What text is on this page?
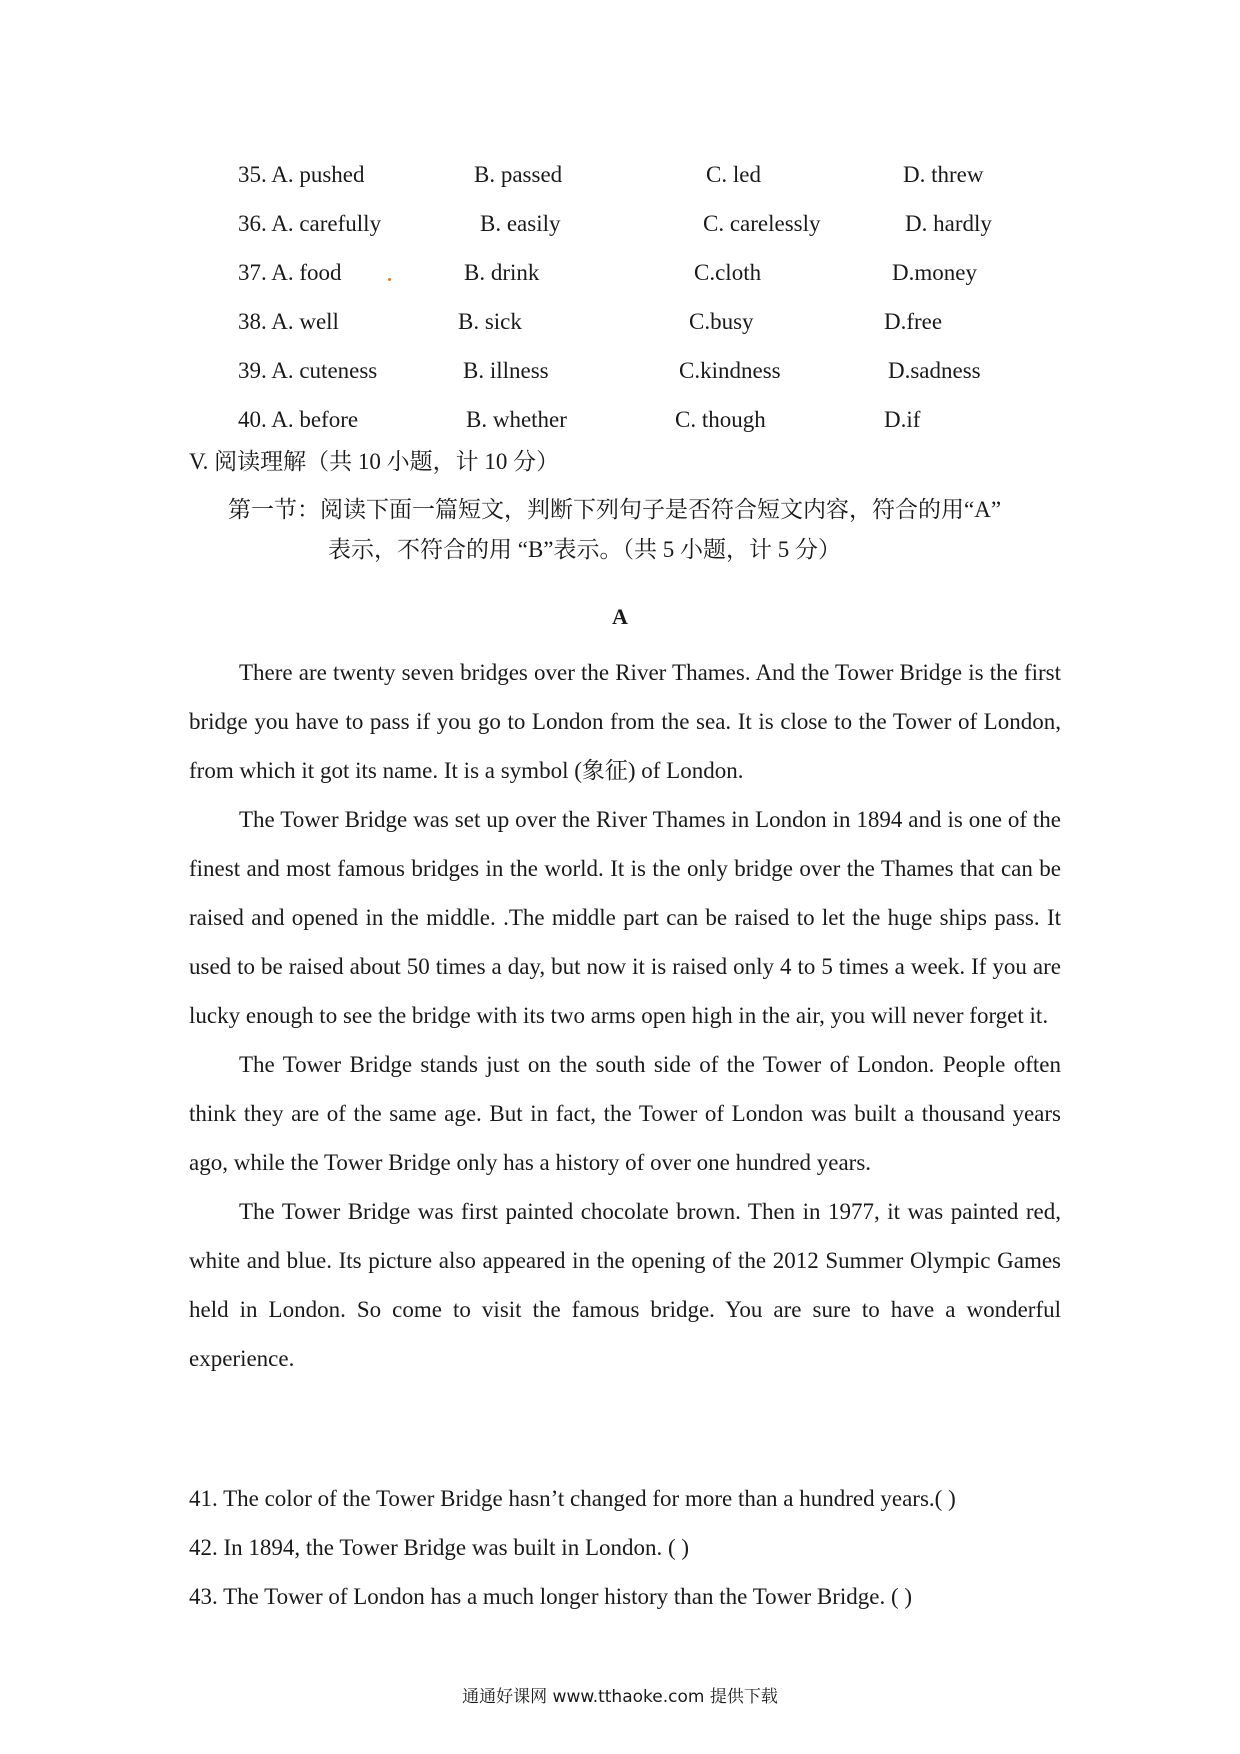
35. A. pushed	B. passed	C. led	D. threw
36. A. carefully	B. easily	C. carelessly	D. hardly
37. A. food	B. drink	C.cloth	D.money
38. A. well	B. sick	C.busy	D.free
39. A. cuteness	B. illness	C.kindness	D.sadness
40. A. before	B. whether	C. though	D.if
V. 阅读理解（共 10 小题，计 10 分）
第一节：阅读下面一篇短文，判断下列句子是否符合短文内容，符合的用“A”
表示，不符合的用 “B”表示。（共 5 小题，计 5 分）
A

There are twenty seven bridges over the River Thames. And the Tower Bridge is the first bridge you have to pass if you go to London from the sea. It is close to the Tower of London, from which it got its name. It is a symbol (象征) of London.

The Tower Bridge was set up over the River Thames in London in 1894 and is one of the finest and most famous bridges in the world. It is the only bridge over the Thames that can be raised and opened in the middle. .The middle part can be raised to let the huge ships pass. It used to be raised about 50 times a day, but now it is raised only 4 to 5 times a week. If you are lucky enough to see the bridge with its two arms open high in the air, you will never forget it.

The Tower Bridge stands just on the south side of the Tower of London. People often think they are of the same age. But in fact, the Tower of London was built a thousand years ago, while the Tower Bridge only has a history of over one hundred years.

The Tower Bridge was first painted chocolate brown. Then in 1977, it was painted red, white and blue. Its picture also appeared in the opening of the 2012 Summer Olympic Games held in London. So come to visit the famous bridge. You are sure to have a wonderful experience.

41. The color of the Tower Bridge hasn’t changed for more than a hundred years.( )
42. In 1894, the Tower Bridge was built in London. ( )
43. The Tower of London has a much longer history than the Tower Bridge. ( )
通通好课网 www.tthaoke.com 提供下载
